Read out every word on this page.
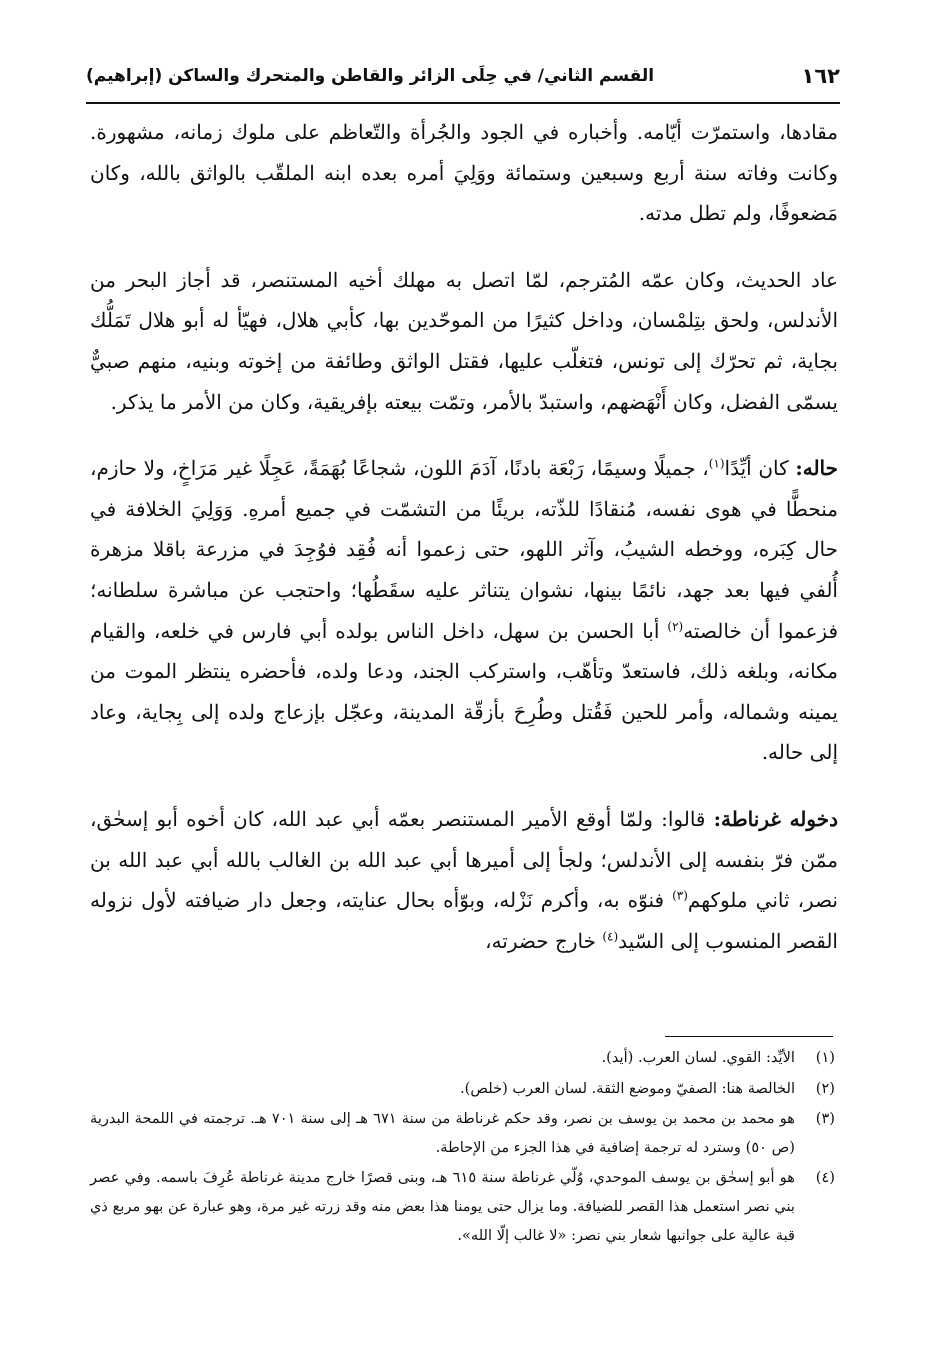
١٦٢
القسم الثاني/ في حِلَى الزائر والقاطن والمتحرك والساكن (إبراهيم)

مقادها، واستمرّت أيّامه. وأخباره في الجود والجُرأة والتّعاظم على ملوك زمانه، مشهورة. وكانت وفاته سنة أربع وسبعين وستمائة ووَلِيَ أمره بعده ابنه الملقّب بالواثق بالله، وكان مَضعوفًا، ولم تطل مدته.

عاد الحديث، وكان عمّه المُترجم، لمّا اتصل به مهلك أخيه المستنصر، قد أجاز البحر من الأندلس، ولحق بتِلمْسان، وداخل كثيرًا من الموحّدين بها، كأبي هلال، فهيّأ له أبو هلال تَمَلُّك بجاية، ثم تحرّك إلى تونس، فتغلّب عليها، فقتل الواثق وطائفة من إخوته وبنيه، منهم صبيٌّ يسمّى الفضل، وكان أَنْهَضهم، واستبدّ بالأمر، وتمّت بيعته بإفريقية، وكان من الأمر ما يذكر.

حاله: كان أيِّدًا$^{(١)}$، جميلًا وسيمًا، رَبْعَة بادنًا، آدَمَ اللون، شجاعًا بُهَمَةً، عَجِلًا غير مَرَاخٍ، ولا حازم، منحطًّا في هوى نفسه، مُنقادًا للذّته، بريئًا من التشمّت في جميع أمرهِ. وَوَلِيَ الخلافة في حال كِبَره، ووخطه الشيبُ، وآثر اللهو، حتى زعموا أنه فُقِد فوُجِدَ في مزرعة باقلا مزهرة أُلفي فيها بعد جهد، نائمًا بينها، نشوان يتناثر عليه سقَطُها؛ واحتجب عن مباشرة سلطانه؛ فزعموا أن خالصته$^{(٢)}$ أبا الحسن بن سهل، داخل الناس بولده أبي فارس في خلعه، والقيام مكانه، وبلغه ذلك، فاستعدّ وتأهّب، واستركب الجند، ودعا ولده، فأحضره ينتظر الموت من يمينه وشماله، وأمر للحين فَقُتل وطُرِحَ بأزقّة المدينة، وعجّل بإزعاج ولده إلى بِجاية، وعاد إلى حاله.

دخوله غرناطة: قالوا: ولمّا أوقع الأمير المستنصر بعمّه أبي عبد الله، كان أخوه أبو إسحٰق، ممّن فرّ بنفسه إلى الأندلس؛ ولجأ إلى أميرها أبي عبد الله بن الغالب بالله أبي عبد الله بن نصر، ثاني ملوكهم$^{(٣)}$ فنوّه به، وأكرم نَزْله، وبوّأه بحال عنايته، وجعل دار ضيافته لأول نزوله القصر المنسوب إلى السّيد$^{(٤)}$ خارج حضرته،

(١)
الأيِّد: القوي. لسان العرب. (أيد).
(٢)
الخالصة هنا: الصفيّ وموضع الثقة. لسان العرب (خلص).
(٣)
هو محمد بن محمد بن يوسف بن نصر، وقد حكم غرناطة من سنة ٦٧١ هـ إلى سنة ٧٠١ هـ. ترجمته في اللمحة البدرية (ص ٥٠) وسترد له ترجمة إضافية في هذا الجزء من الإحاطة.
(٤)
هو أبو إسحٰق بن يوسف الموحدي، وُلّي غرناطة سنة ٦١٥ هـ، وبنى قصرًا خارج مدينة غرناطة عُرِفَ باسمه. وفي عصر بني نصر استعمل هذا القصر للضيافة. وما يزال حتى يومنا هذا بعض منه وقد زرته غير مرة، وهو عبارة عن بهو مربع ذي قبة عالية على جوانبها شعار بني نصر: «لا غالب إلّا الله».
